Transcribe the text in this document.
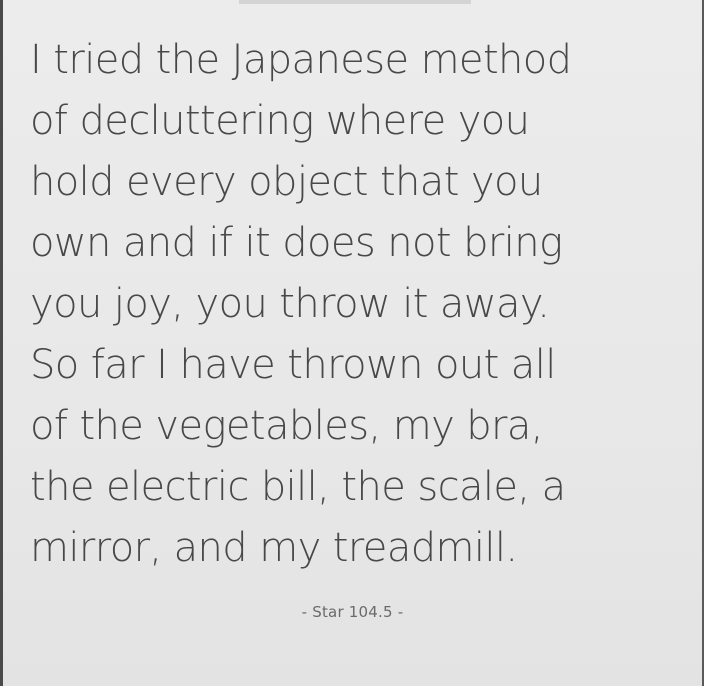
I tried the Japanese method
of decluttering where you
hold every object that you
own and if it does not bring
you joy, you throw it away.
So far I have thrown out all
of the vegetables, my bra,
the electric bill, the scale, a
mirror, and my treadmill.
- Star 104.5 -
